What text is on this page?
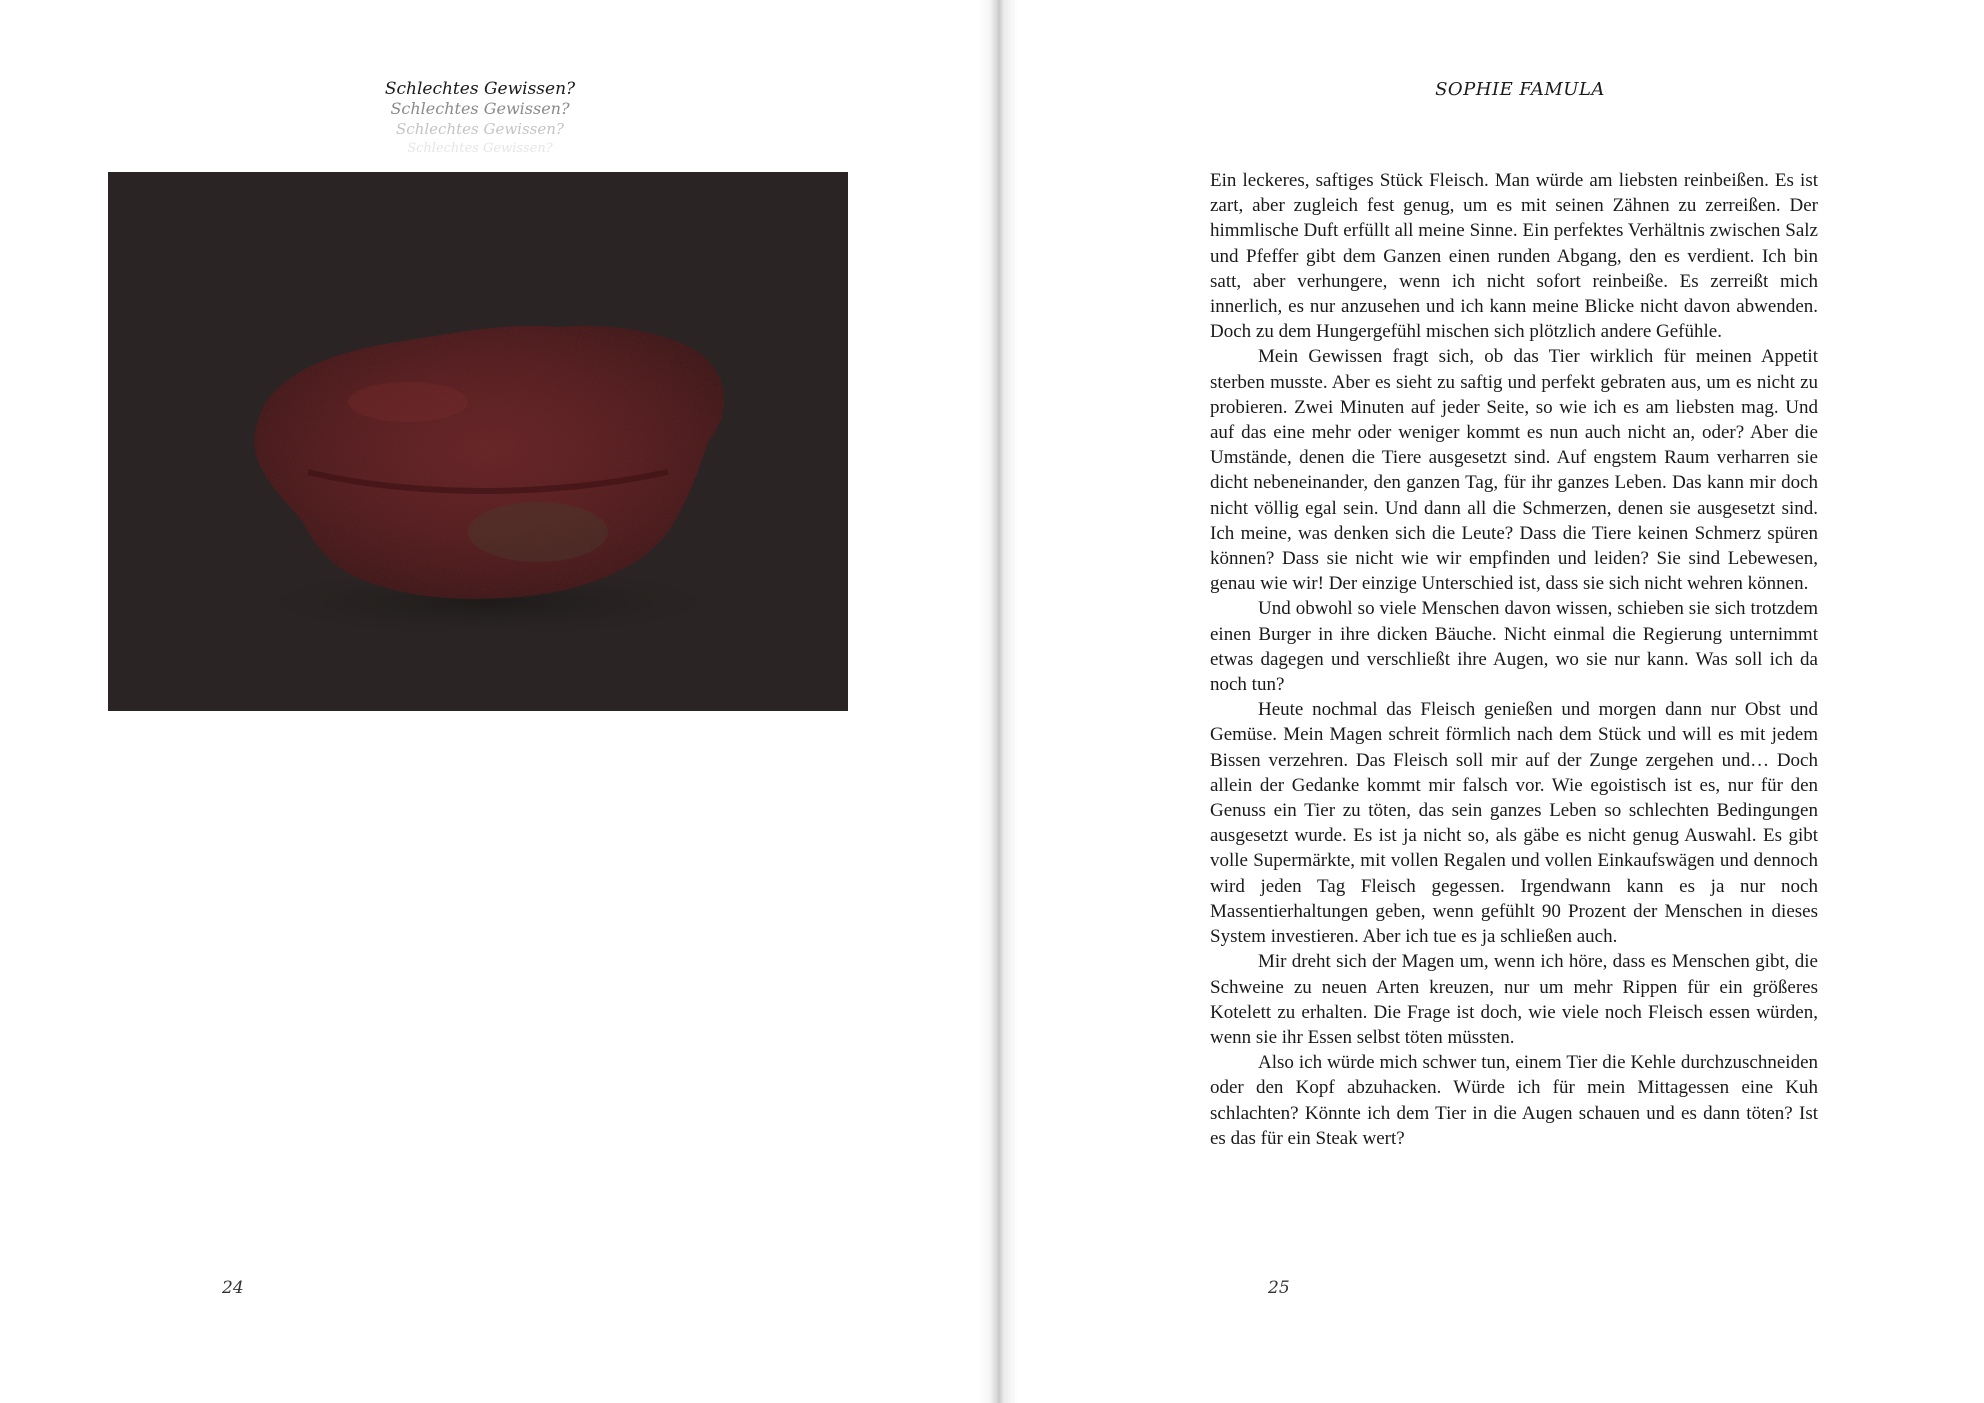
Schlechtes Gewissen?
Schlechtes Gewissen?
Schlechtes Gewissen?
Schlechtes Gewissen?
24
SOPHIE FAMULA

Ein leckeres, saftiges Stück Fleisch. Man würde am liebsten reinbeißen. Es ist zart, aber zugleich fest genug, um es mit seinen Zähnen zu zerreißen. Der himmlische Duft erfüllt all meine Sinne. Ein perfektes Verhältnis zwischen Salz und Pfeffer gibt dem Ganzen einen runden Abgang, den es verdient. Ich bin satt, aber verhungere, wenn ich nicht sofort reinbeiße. Es zerreißt mich innerlich, es nur anzusehen und ich kann meine Blicke nicht davon abwenden. Doch zu dem Hungergefühl mischen sich plötzlich andere Gefühle.

Mein Gewissen fragt sich, ob das Tier wirklich für meinen Appetit sterben musste. Aber es sieht zu saftig und perfekt gebraten aus, um es nicht zu probieren. Zwei Minuten auf jeder Seite, so wie ich es am liebsten mag. Und auf das eine mehr oder weniger kommt es nun auch nicht an, oder? Aber die Umstände, denen die Tiere ausgesetzt sind. Auf engstem Raum verharren sie dicht nebeneinander, den ganzen Tag, für ihr ganzes Leben. Das kann mir doch nicht völlig egal sein. Und dann all die Schmerzen, denen sie ausgesetzt sind. Ich meine, was denken sich die Leute? Dass die Tiere keinen Schmerz spüren können? Dass sie nicht wie wir empfinden und leiden? Sie sind Lebewesen, genau wie wir! Der einzige Unterschied ist, dass sie sich nicht wehren können.

Und obwohl so viele Menschen davon wissen, schieben sie sich trotzdem einen Burger in ihre dicken Bäuche. Nicht einmal die Regierung unternimmt etwas dagegen und verschließt ihre Augen, wo sie nur kann. Was soll ich da noch tun?

Heute nochmal das Fleisch genießen und morgen dann nur Obst und Gemüse. Mein Magen schreit förmlich nach dem Stück und will es mit jedem Bissen verzehren. Das Fleisch soll mir auf der Zunge zergehen und… Doch allein der Gedanke kommt mir falsch vor. Wie egoistisch ist es, nur für den Genuss ein Tier zu töten, das sein ganzes Leben so schlechten Bedingungen ausgesetzt wurde. Es ist ja nicht so, als gäbe es nicht genug Auswahl. Es gibt volle Supermärkte, mit vollen Regalen und vollen Einkaufswägen und dennoch wird jeden Tag Fleisch gegessen. Irgendwann kann es ja nur noch Massentierhaltungen geben, wenn gefühlt 90 Prozent der Menschen in dieses System investieren. Aber ich tue es ja schließen auch.

Mir dreht sich der Magen um, wenn ich höre, dass es Menschen gibt, die Schweine zu neuen Arten kreuzen, nur um mehr Rippen für ein größeres Kotelett zu erhalten. Die Frage ist doch, wie viele noch Fleisch essen würden, wenn sie ihr Essen selbst töten müssten.

Also ich würde mich schwer tun, einem Tier die Kehle durchzuschneiden oder den Kopf abzuhacken. Würde ich für mein Mittagessen eine Kuh schlachten? Könnte ich dem Tier in die Augen schauen und es dann töten? Ist es das für ein Steak wert?

25
